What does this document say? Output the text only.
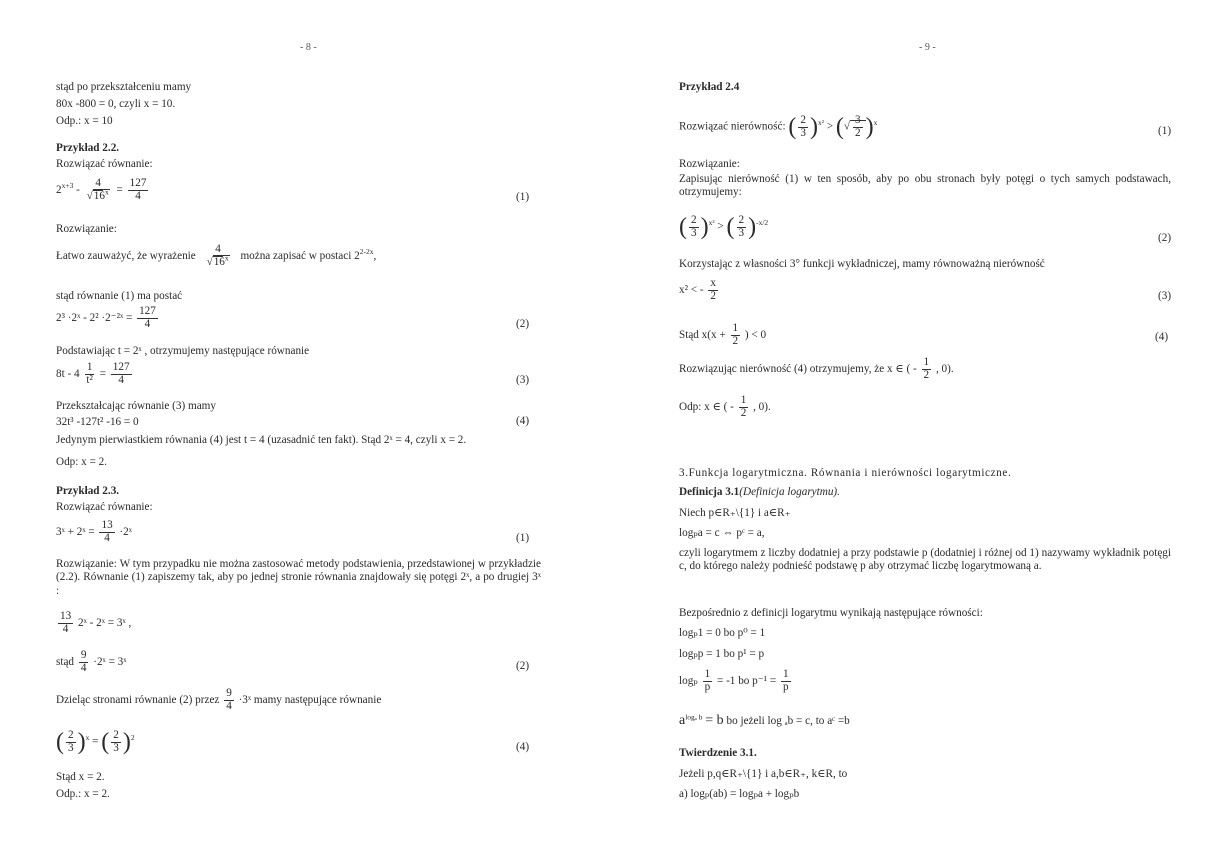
- 8 -
stąd po przekształceniu mamy
80x -800 = 0, czyli x = 10.
Odp.: x = 10
Przykład 2.2.
Rozwiązać równanie:
$2^{x+3} - \frac{4}{√16^x} = \frac{127}{4}$	(1)
Rozwiązanie:
Łatwo zauważyć, że wyrażenie $\frac{4}{√16^x}$ można zapisać w postaci $2^{2-2x}$,
stąd równanie (1) ma postać
2³ ·2ˣ - 2² ·2⁻²ˣ = $\frac{127}{4}$	(2)
Podstawiając t = 2ˣ , otrzymujemy następujące równanie
$8t - 4 \frac{1}{\text{t²}} = \frac{127}{4}$	(3)
Przekształcając równanie (3) mamy
32t³ -127t² -16 = 0	(4)
Jedynym pierwiastkiem równania (4) jest t = 4 (uzasadnić ten fakt). Stąd 2ˣ = 4, czyli x = 2.
Odp: x = 2.
Przykład 2.3.
Rozwiązać równanie:
3ˣ + 2ˣ = $\frac{13}{4}$ ·2ˣ
(1)
Rozwiązanie: W tym przypadku nie można zastosować metody podstawienia, przedstawionej w przykładzie (2.2). Równanie (1) zapiszemy tak, aby po jednej stronie równania znajdowały się potęgi 2ˣ, a po drugiej 3ˣ :
$\frac{13}{4}$ 2ˣ - 2ˣ = 3ˣ ,
stąd $\frac{9}{4}$ ·2ˣ = 3ˣ	(2)
Dzieląc stronami równanie (2) przez $\frac{9}{4}$ ·3ˣ mamy następujące równanie
( $\frac{2}{3} )^x$ = ( $\frac{2}{3} )^2$
(4)
Stąd x = 2.
Odp.: x = 2.
- 9 -
Przykład 2.4
Rozwiązać nierówność: ( $\frac{2}{3} )^{x^2}$ > (√ $\frac{3}{2} )^x$
(1)
Rozwiązanie:
Zapisując nierówność (1) w ten sposób, aby po obu stronach były potęgi o tych samych podstawach, otrzymujemy:
( $\frac{2}{3} )^{x^2}$ > ( $\frac{2}{3} )^{-x/2}$
(2)
Korzystając z własności 3° funkcji wykładniczej, mamy równoważną nierówność
x² < - $\frac{x}{2}$	(3)
Stąd $x(x + \frac{1}{2}$ ) < 0	(4)
Rozwiązując nierówność (4) otrzymujemy, że x ∈ ( - $\frac{1}{2}$ , 0).
Odp: x ∈ ( - $\frac{1}{2}$ , 0).
3.Funkcja logarytmiczna. Równania i nierówności logarytmiczne.
Definicja 3.1(Definicja logarytmu).
Niech p∈R₊\{1} i a∈R₊
logₚa = c ⇔ pᶜ = a,
czyli logarytmem z liczby dodatniej a przy podstawie p (dodatniej i różnej od 1) nazywamy wykładnik potęgi c, do którego należy podnieść podstawę p aby otrzymać liczbę logarytmowaną a.
Bezpośrednio z definicji logarytmu wynikają następujące równości:
logₚ1 = 0 bo p⁰ = 1
logₚp = 1 bo p¹ = p
logₚ $\frac{1}{p} = -1$ bo $p^{-1} = \frac{1}{p}$
$a^{log_a b} = b$ bo jeżeli log ₐb = c, to aᶜ =b
Twierdzenie 3.1.
Jeżeli p,q∈R₊\{1} i a,b∈R₊, k∈R, to
a) logₚ(ab) = logₚa + logₚb
